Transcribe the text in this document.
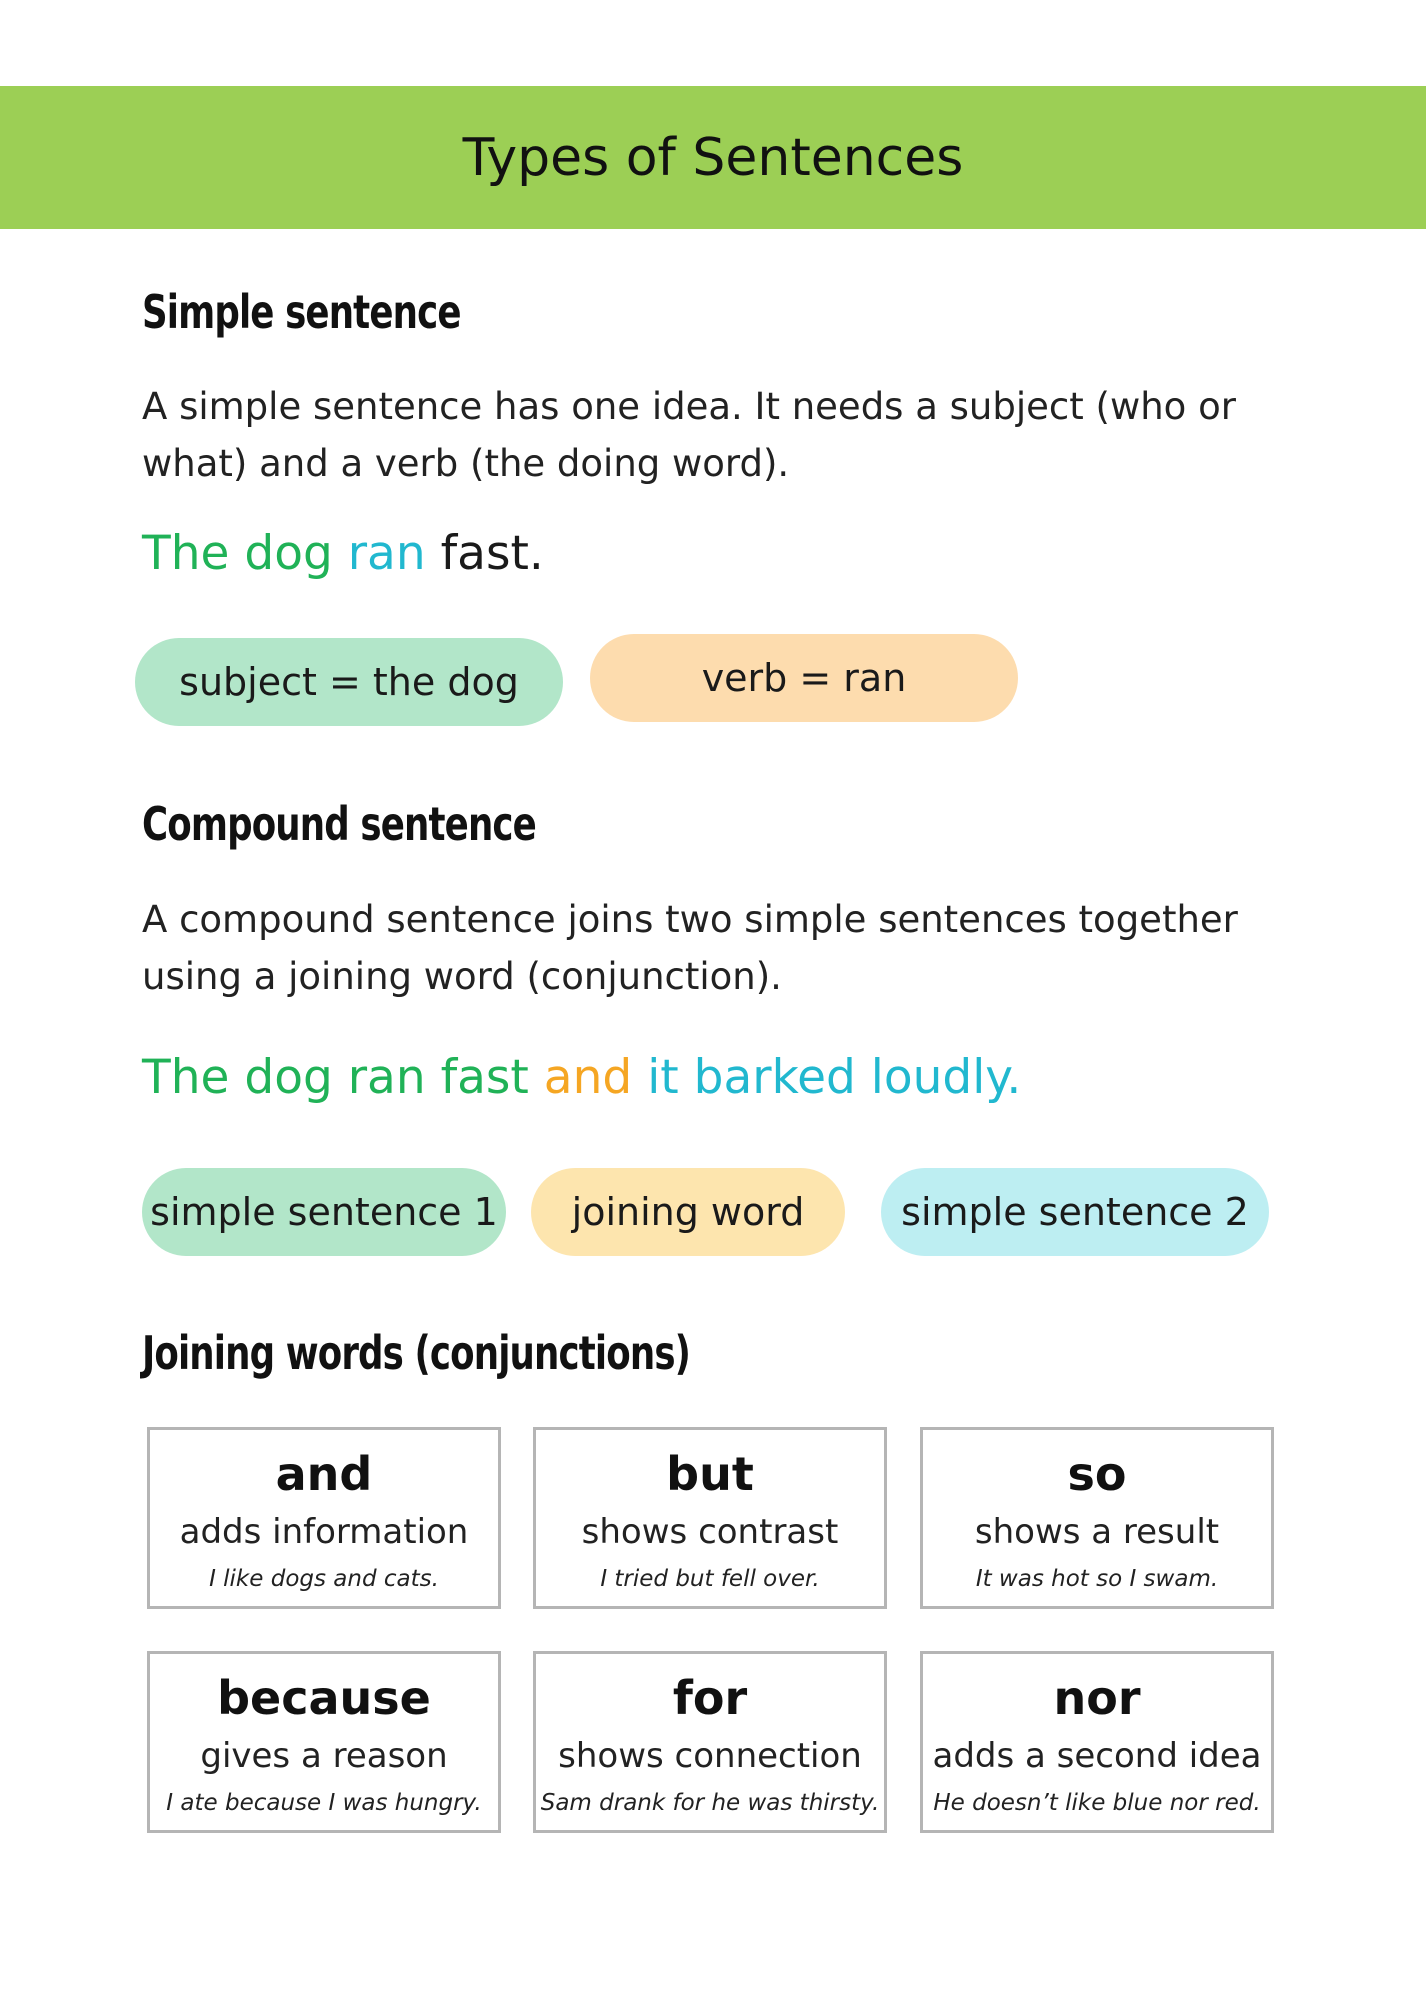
Types of Sentences
Simple sentence

A simple sentence has one idea. It needs a subject (who or what) and a verb (the doing word).

The dog ran fast.

subject = the dog	verb = ran
Compound sentence

A compound sentence joins two simple sentences together using a joining word (conjunction).

The dog ran fast and it barked loudly.

simple sentence 1	joining word	simple sentence 2
Joining words (conjunctions)
and
adds information
I like dogs and cats.
but
shows contrast
I tried but fell over.
so
shows a result
It was hot so I swam.
because
gives a reason
I ate because I was hungry.
for
shows connection
Sam drank for he was thirsty.
nor
adds a second idea
He doesn’t like blue nor red.
